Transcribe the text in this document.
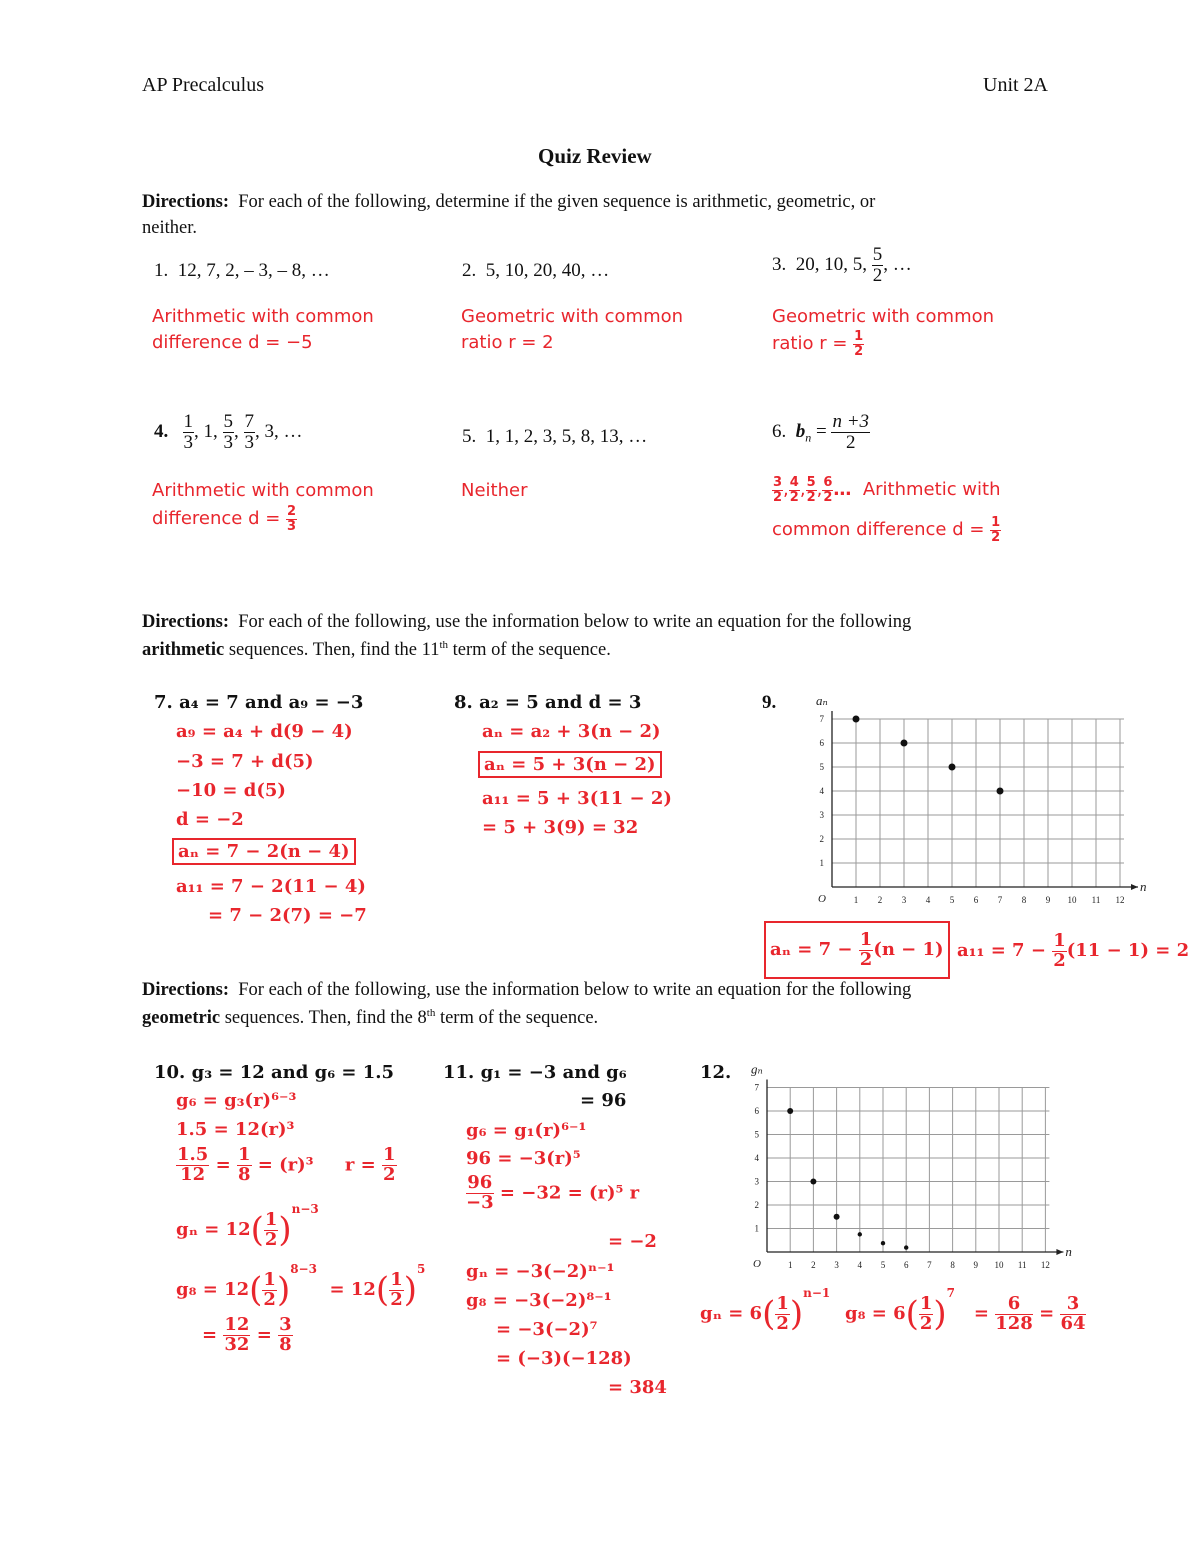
AP Precalculus	Unit 2A
Quiz Review
Directions: For each of the following, determine if the given sequence is arithmetic, geometric, or
neither.
1. 12, 7, 2, – 3, – 8, …
Arithmetic with common
difference d = −5
2. 5, 10, 20, 40, …
Geometric with common
ratio r = 2
3. 20, 10, 5, $\frac{5}{2}$ , …
Geometric with common
ratio $r = \frac{1}{2}$
4. $\frac{1}{3}$ , 1, $\frac{5}{3}$ , $\frac{7}{3}$ , 3, …
Arithmetic with common
difference $d = \frac{2}{3}$
5. 1, 1, 2, 3, 5, 8, 13, …
Neither
6. $b_n = \frac{n +3}{2}$
$\frac{3}{2}$ , $\frac{4}{2}$ , $\frac{5}{2}$ , $\frac{6}{2}$ … Arithmetic with
common difference $d = \frac{1}{2}$
Directions: For each of the following, use the information below to write an equation for the following
arithmetic sequences. Then, find the 11th term of the sequence.
7. a₄ = 7 and a₉ = −3
a₉ = a₄ + d(9 − 4)
−3 = 7 + d(5)
−10 = d(5)
d = −2
aₙ = 7 − 2(n − 4)
a₁₁ = 7 − 2(11 − 4)
= 7 − 2(7) = −7
8. a₂ = 5 and d = 3
aₙ = a₂ + 3(n − 2)
aₙ = 5 + 3(n − 2)
a₁₁ = 5 + 3(11 − 2)
= 5 + 3(9) = 32
9.
n
aₙ
O	1 2 3 4 5 6 7 8 9 10 11 12
1
2
3
4
5
6
7
$a_n = 7 - \frac{1}{2} (n - 1) a_{11} = 7 - \frac{1}{2} (11 - 1) = 2$
Directions: For each of the following, use the information below to write an equation for the following
geometric sequences. Then, find the 8th term of the sequence.
10. g₃ = 12 and g₆ = 1.5
g₆ = g₃(r)⁶⁻³
1.5 = 12(r)³
$\frac{1.5}{12} = \frac{1}{8} = (r)^3$ $r = \frac{1}{2}$
$g_n = 12( \frac{1}{2} )^{n-3}$
$g_8 = 12( \frac{1}{2} )^{8-3} = 12( \frac{1}{2} )^5$
= $\frac{12}{32} = \frac{3}{8}$
11. g₁ = −3 and g₆
= 96
g₆ = g₁(r)⁶⁻¹
96 = −3(r)⁵
$\frac{96}{-3} = -32 = (r)^5$ r
= −2
gₙ = −3(−2)ⁿ⁻¹
g₈ = −3(−2)⁸⁻¹
= −3(−2)⁷
= (−3)(−128)
= 384
12.
n
gₙ
O	1 2 3 4 5 6 7 8 9 10 11 12
1
2
3
4
5
6
7
$g_n = 6( \frac{1}{2} )^{n-1}$
$g_8 = 6( \frac{1}{2} )^7 = \frac{6}{128} = \frac{3}{64}$
